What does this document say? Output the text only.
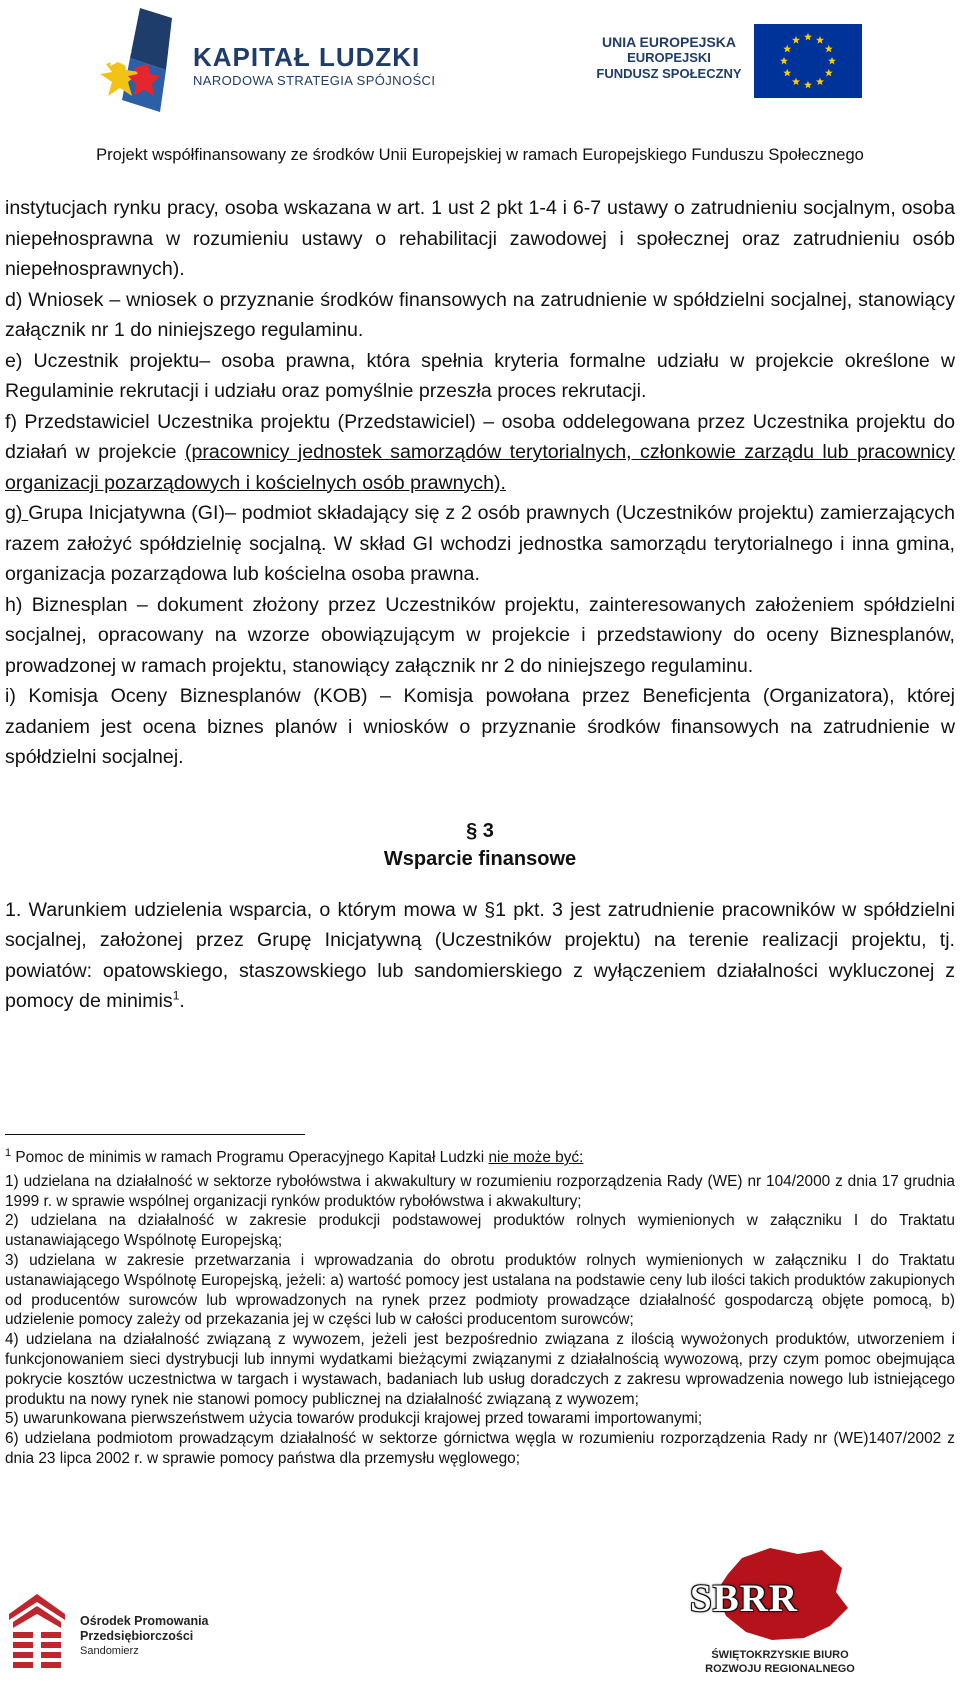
KAPITAŁ LUDZKI
NARODOWA STRATEGIA SPÓJNOŚCI
UNIA EUROPEJSKA
EUROPEJSKI
FUNDUSZ SPOŁECZNY
Projekt współfinansowany ze środków Unii Europejskiej w ramach Europejskiego Funduszu Społecznego

instytucjach rynku pracy, osoba wskazana w art. 1 ust 2 pkt 1-4 i 6-7 ustawy o zatrudnieniu socjalnym, osoba niepełnosprawna w rozumieniu ustawy o rehabilitacji zawodowej i społecznej oraz zatrudnieniu osób niepełnosprawnych).

d) Wniosek – wniosek o przyznanie środków finansowych na zatrudnienie w spółdzielni socjalnej, stanowiący załącznik nr 1 do niniejszego regulaminu.

e) Uczestnik projektu– osoba prawna, która spełnia kryteria formalne udziału w projekcie określone w Regulaminie rekrutacji i udziału oraz pomyślnie przeszła proces rekrutacji.

f) Przedstawiciel Uczestnika projektu (Przedstawiciel) – osoba oddelegowana przez Uczestnika projektu do działań w projekcie (pracownicy jednostek samorządów terytorialnych, członkowie zarządu lub pracownicy organizacji pozarządowych i kościelnych osób prawnych).

g) Grupa Inicjatywna (GI)– podmiot składający się z 2 osób prawnych (Uczestników projektu) zamierzających razem założyć spółdzielnię socjalną. W skład GI wchodzi jednostka samorządu terytorialnego i inna gmina, organizacja pozarządowa lub kościelna osoba prawna.

h) Biznesplan – dokument złożony przez Uczestników projektu, zainteresowanych założeniem spółdzielni socjalnej, opracowany na wzorze obowiązującym w projekcie i przedstawiony do oceny Biznesplanów, prowadzonej w ramach projektu, stanowiący załącznik nr 2 do niniejszego regulaminu.

i) Komisja Oceny Biznesplanów (KOB) – Komisja powołana przez Beneficjenta (Organizatora), której zadaniem jest ocena biznes planów i wniosków o przyznanie środków finansowych na zatrudnienie w spółdzielni socjalnej.

§ 3
Wsparcie finansowe

1. Warunkiem udzielenia wsparcia, o którym mowa w §1 pkt. 3 jest zatrudnienie pracowników w spółdzielni socjalnej, założonej przez Grupę Inicjatywną (Uczestników projektu) na terenie realizacji projektu, tj. powiatów: opatowskiego, staszowskiego lub sandomierskiego z wyłączeniem działalności wykluczonej z pomocy de minimis$^1$.

$^1$ Pomoc de minimis w ramach Programu Operacyjnego Kapitał Ludzki nie może być:

1) udzielana na działalność w sektorze rybołówstwa i akwakultury w rozumieniu rozporządzenia Rady (WE) nr 104/2000 z dnia 17 grudnia 1999 r. w sprawie wspólnej organizacji rynków produktów rybołówstwa i akwakultury;

2) udzielana na działalność w zakresie produkcji podstawowej produktów rolnych wymienionych w załączniku I do Traktatu ustanawiającego Wspólnotę Europejską;

3) udzielana w zakresie przetwarzania i wprowadzania do obrotu produktów rolnych wymienionych w załączniku I do Traktatu ustanawiającego Wspólnotę Europejską, jeżeli: a) wartość pomocy jest ustalana na podstawie ceny lub ilości takich produktów zakupionych od producentów surowców lub wprowadzonych na rynek przez podmioty prowadzące działalność gospodarczą objęte pomocą, b) udzielenie pomocy zależy od przekazania jej w części lub w całości producentom surowców;

4) udzielana na działalność związaną z wywozem, jeżeli jest bezpośrednio związana z ilością wywożonych produktów, utworzeniem i funkcjonowaniem sieci dystrybucji lub innymi wydatkami bieżącymi związanymi z działalnością wywozową, przy czym pomoc obejmująca pokrycie kosztów uczestnictwa w targach i wystawach, badaniach lub usług doradczych z zakresu wprowadzenia nowego lub istniejącego produktu na nowy rynek nie stanowi pomocy publicznej na działalność związaną z wywozem;

5) uwarunkowana pierwszeństwem użycia towarów produkcji krajowej przed towarami importowanymi;

6) udzielana podmiotom prowadzącym działalność w sektorze górnictwa węgla w rozumieniu rozporządzenia Rady nr (WE)1407/2002 z dnia 23 lipca 2002 r. w sprawie pomocy państwa dla przemysłu węglowego;

Ośrodek Promowania
Przedsiębiorczości
Sandomierz
SBRR
ŚWIĘTOKRZYSKIE BIURO
ROZWOJU REGIONALNEGO
